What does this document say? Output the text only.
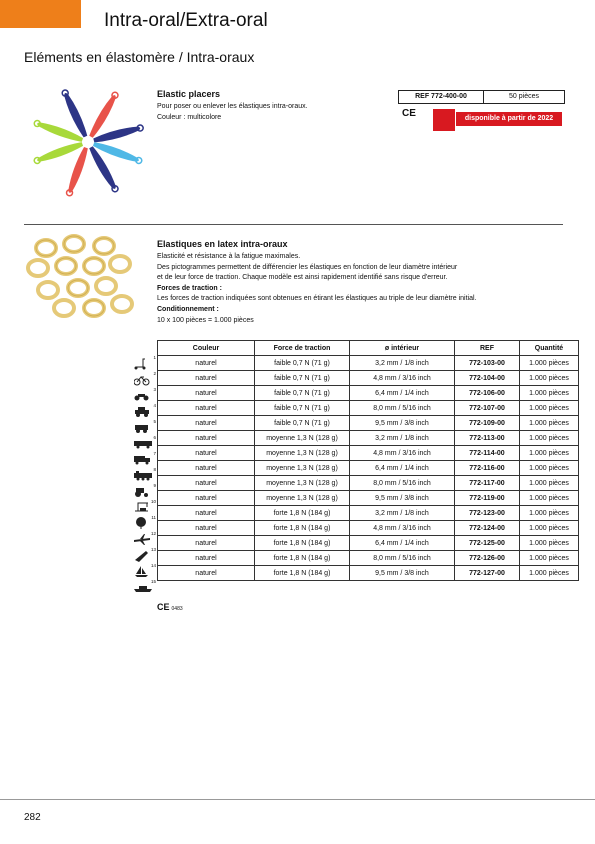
Intra-oral/Extra-oral
Eléments en élastomère / Intra-oraux
Elastic placers
Pour poser ou enlever les élastiques intra-oraux.
Couleur : multicolore
REF 772-400-00	50 pièces
CE	disponible à partir de 2022
Elastiques en latex intra-oraux
Elasticité et résistance à la fatigue maximales.
Des pictogrammes permettent de différencier les élastiques en fonction de leur diamètre intérieur
et de leur force de traction. Chaque modèle est ainsi rapidement identifié sans risque d'erreur.
Forces de traction :
Les forces de traction indiquées sont obtenues en étirant les élastiques au triple de leur diamètre initial.
Conditionnement :
10 x 100 pièces = 1.000 pièces
Couleur	Force de traction	ø intérieur	REF	Quantité
naturel	faible 0,7 N (71 g)	3,2 mm / 1/8 inch	772-103-00	1.000 pièces
naturel	faible 0,7 N (71 g)	4,8 mm / 3/16 inch	772-104-00	1.000 pièces
naturel	faible 0,7 N (71 g)	6,4 mm / 1/4 inch	772-106-00	1.000 pièces
naturel	faible 0,7 N (71 g)	8,0 mm / 5/16 inch	772-107-00	1.000 pièces
naturel	faible 0,7 N (71 g)	9,5 mm / 3/8 inch	772-109-00	1.000 pièces
naturel	moyenne 1,3 N (128 g)	3,2 mm / 1/8 inch	772-113-00	1.000 pièces
naturel	moyenne 1,3 N (128 g)	4,8 mm / 3/16 inch	772-114-00	1.000 pièces
naturel	moyenne 1,3 N (128 g)	6,4 mm / 1/4 inch	772-116-00	1.000 pièces
naturel	moyenne 1,3 N (128 g)	8,0 mm / 5/16 inch	772-117-00	1.000 pièces
naturel	moyenne 1,3 N (128 g)	9,5 mm / 3/8 inch	772-119-00	1.000 pièces
naturel	forte 1,8 N (184 g)	3,2 mm / 1/8 inch	772-123-00	1.000 pièces
naturel	forte 1,8 N (184 g)	4,8 mm / 3/16 inch	772-124-00	1.000 pièces
naturel	forte 1,8 N (184 g)	6,4 mm / 1/4 inch	772-125-00	1.000 pièces
naturel	forte 1,8 N (184 g)	8,0 mm / 5/16 inch	772-126-00	1.000 pièces
naturel	forte 1,8 N (184 g)	9,5 mm / 3/8 inch	772-127-00	1.000 pièces
1
2
3
4
5
6
7
8
9
10
11
12
13
14
15
CE 0483
282
